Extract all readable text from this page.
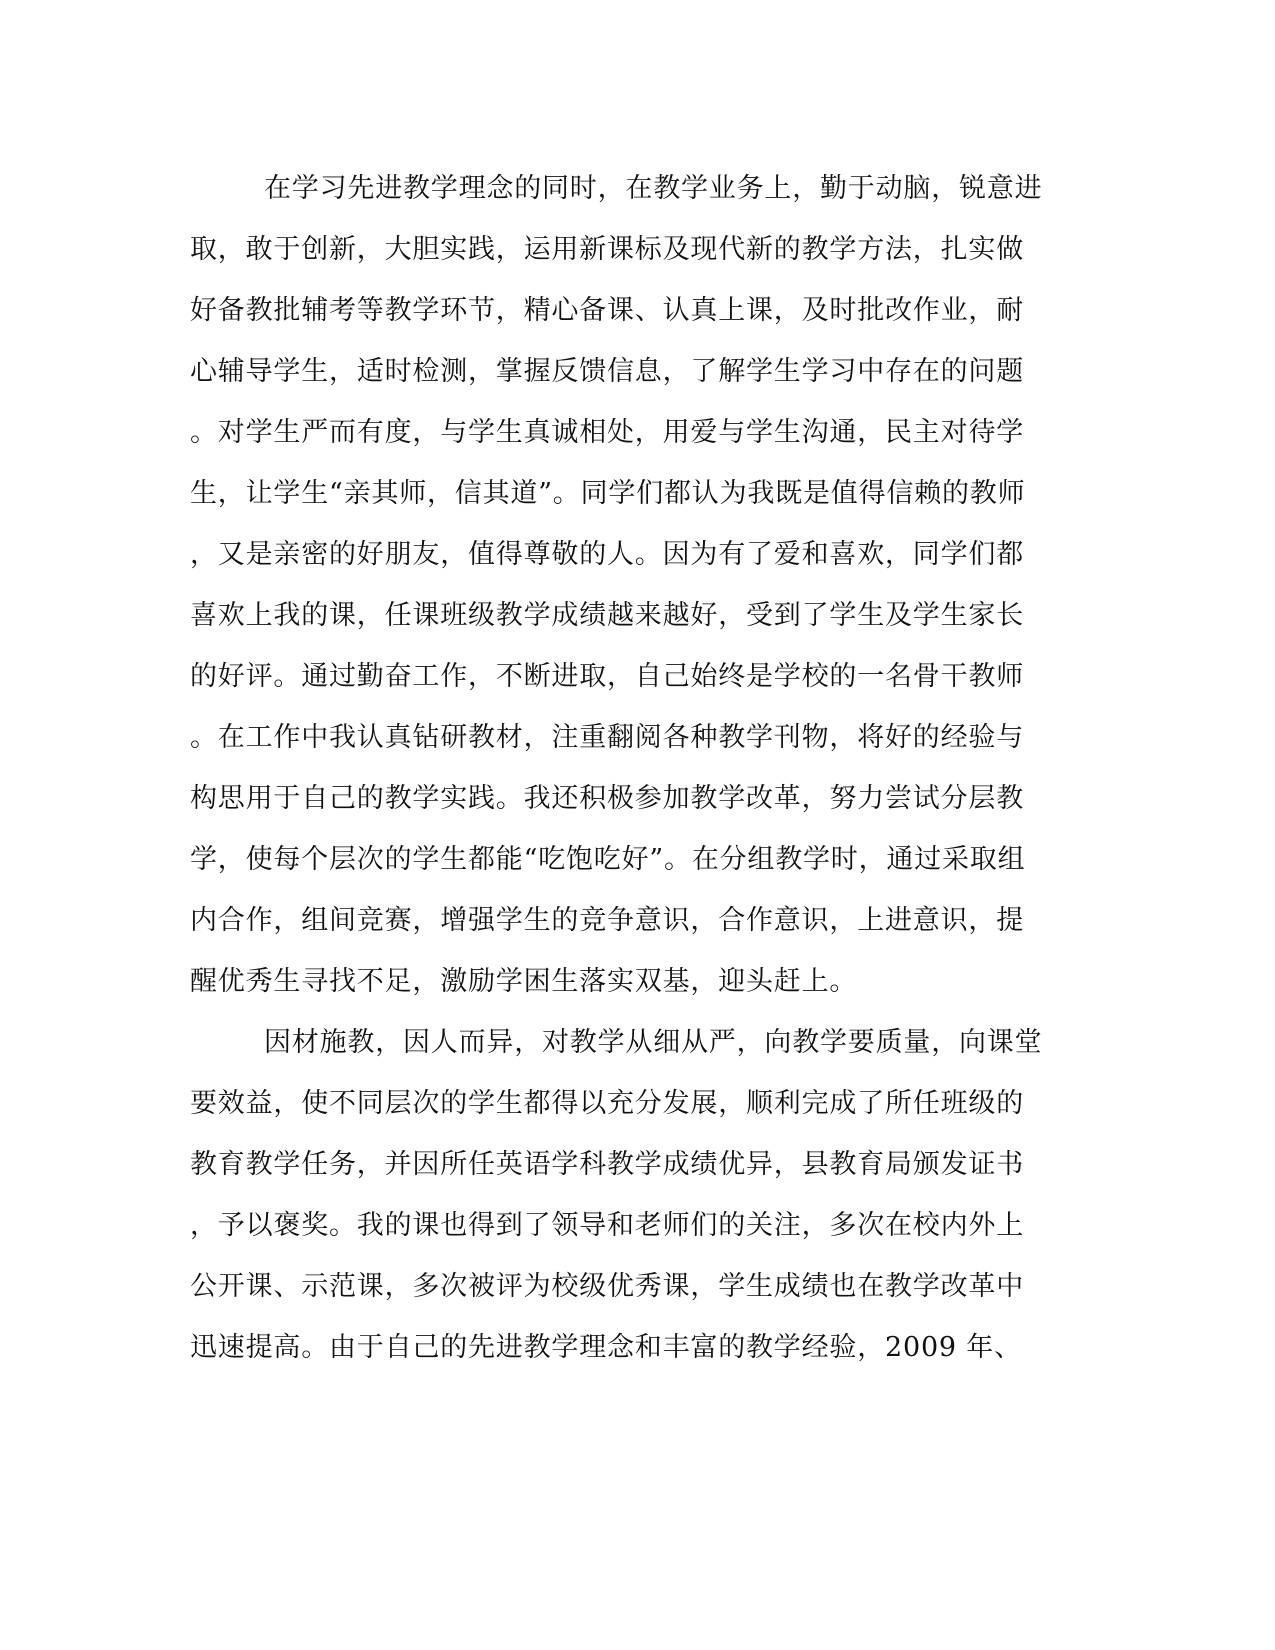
在学习先进教学理念的同时，在教学业务上，勤于动脑，锐意进
取，敢于创新，大胆实践，运用新课标及现代新的教学方法，扎实做
好备教批辅考等教学环节，精心备课、认真上课，及时批改作业，耐
心辅导学生，适时检测，掌握反馈信息，了解学生学习中存在的问题
。对学生严而有度，与学生真诚相处，用爱与学生沟通，民主对待学
生，让学生“亲其师，信其道”。同学们都认为我既是值得信赖的教师
，又是亲密的好朋友，值得尊敬的人。因为有了爱和喜欢，同学们都
喜欢上我的课，任课班级教学成绩越来越好，受到了学生及学生家长
的好评。通过勤奋工作，不断进取，自己始终是学校的一名骨干教师
。在工作中我认真钻研教材，注重翻阅各种教学刊物，将好的经验与
构思用于自己的教学实践。我还积极参加教学改革，努力尝试分层教
学，使每个层次的学生都能“吃饱吃好”。在分组教学时，通过采取组
内合作，组间竞赛，增强学生的竞争意识，合作意识，上进意识，提
醒优秀生寻找不足，激励学困生落实双基，迎头赶上。
因材施教，因人而异，对教学从细从严，向教学要质量，向课堂
要效益，使不同层次的学生都得以充分发展，顺利完成了所任班级的
教育教学任务，并因所任英语学科教学成绩优异，县教育局颁发证书
，予以褒奖。我的课也得到了领导和老师们的关注，多次在校内外上
公开课、示范课，多次被评为校级优秀课，学生成绩也在教学改革中
迅速提高。由于自己的先进教学理念和丰富的教学经验，2009 年、
